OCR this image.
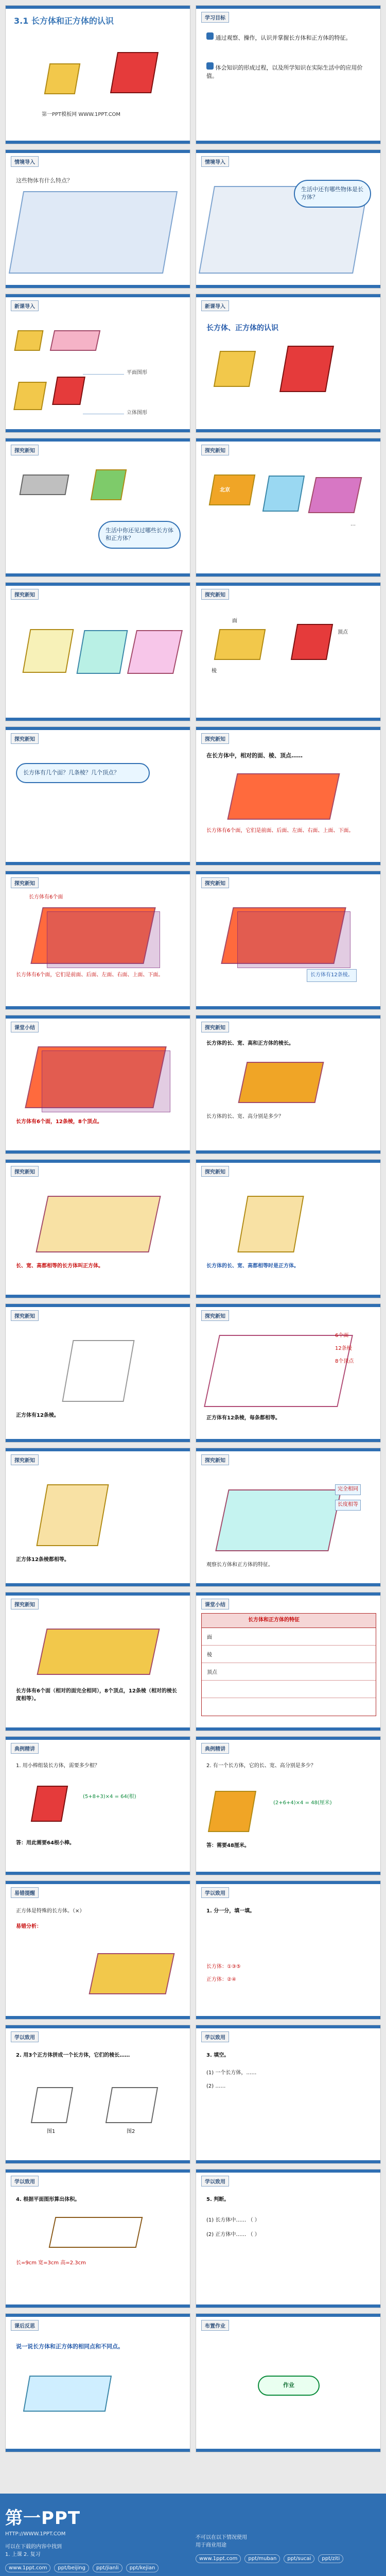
3.1 长方体和正方体的认识
第一PPT模板网 WWW.1PPT.COM
学习目标
通过观察、操作，认识并掌握长方体和正方体的特征。
体会知识的形成过程，以及所学知识在实际生活中的应用价值。
情境导入
这些物体有什么特点？
情境导入
生活中还有哪些物体是长方体？
新课导入
平面图形
立体图形
新课导入
长方体、正方体的认识
探究新知
生活中你还见过哪些长方体和正方体？
探究新知
北京
…
探究新知	探究新知
面
棱
顶点
探究新知
长方体有几个面？几条棱？几个顶点？
探究新知
在长方体中，相对的面、棱、顶点……
长方体有6个面，它们是前面、后面、左面、右面、上面、下面。
探究新知
长方体有6个面
长方体有6个面，它们是前面、后面、左面、右面、上面、下面。
探究新知
长方体有12条棱。
课堂小结
长方体有6个面，12条棱，8个顶点。
探究新知
长方体的长、宽、高和正方体的棱长。
长方体的长、宽、高分别是多少？
探究新知
长、宽、高都相等的长方体叫正方体。
探究新知
长方体的长、宽、高都相等时是正方体。
探究新知
正方体有12条棱。
探究新知
6个面
12条棱
8个顶点
正方体有12条棱，每条都相等。
探究新知
正方体12条棱都相等。
探究新知
完全相同
长度相等
观察长方体和正方体的特征。
探究新知
长方体有6个面（相对的面完全相同），8个顶点，12条棱（相对的棱长度相等）。
课堂小结
长方体和正方体的特征
面
棱
顶点
典例精讲
1. 用小棒组装长方体，需要多少根？
(5+8+3)×4 = 64(根)
答：用此需要64根小棒。
典例精讲
2. 有一个长方体，它的长、宽、高分别是多少？
(2+6+4)×4 = 48(厘米)
答：需要48厘米。
易错提醒
正方体是特殊的长方体。（×）
易错分析：
学以致用
1. 分一分，填一填。
长方体：①③⑤
正方体：②④
学以致用
2. 用3个正方体拼成一个长方体，它们的棱长……
图1	图2
学以致用
3. 填空。
(1) 一个长方体，……
(2) ……
学以致用
4. 根据平面图形算出体积。
长=9cm 宽=3cm 高=2.3cm
学以致用
5. 判断。
(1) 长方体中…… （ ）
(2) 正方体中…… （ ）
课后反思
说一说长方体和正方体的相同点和不同点。
布置作业
作业
第一PPT
HTTP://WWW.1PPT.COM
可以在下载的内容中找到
1. 上课 2. 复习
www.1ppt.com ppt/beijing ppt/jianli ppt/kejian
不可以在以下情况使用
用于商业用途
www.1ppt.com ppt/muban ppt/sucai ppt/ziti
